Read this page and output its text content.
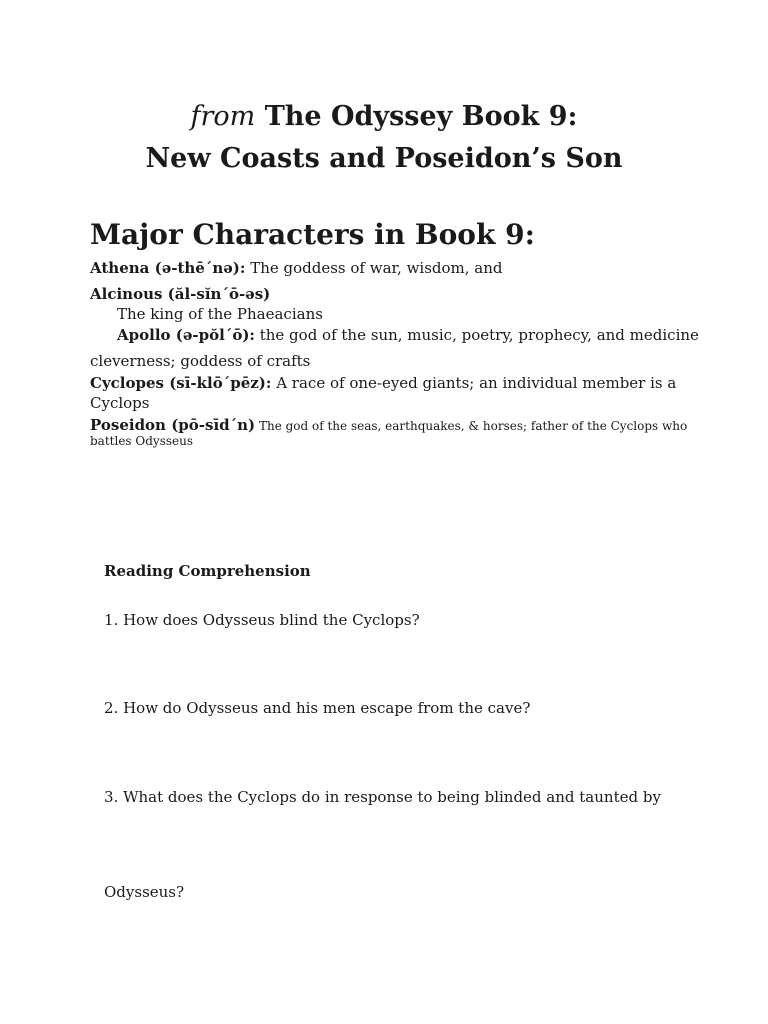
from The Odyssey Book 9:
New Coasts and Poseidon’s Son
Major Characters in Book 9:
Athena (ə-thē΄nə): The goddess of war, wisdom, and
Alcinous (ăl-sĭn΄ō-əs)
The king of the Phaeacians
Apollo (ə-pŏl΄ō): the god of the sun, music, poetry, prophecy, and medicine
cleverness; goddess of crafts
Cyclopes (sī-klō΄pēz): A race of one-eyed giants; an individual member is a
Cyclops
Poseidon (pō-sīd΄n) The god of the seas, earthquakes, & horses; father of the Cyclops who
battles Odysseus
Reading Comprehension
1. How does Odysseus blind the Cyclops?
2. How do Odysseus and his men escape from the cave?
3. What does the Cyclops do in response to being blinded and taunted by
Odysseus?
